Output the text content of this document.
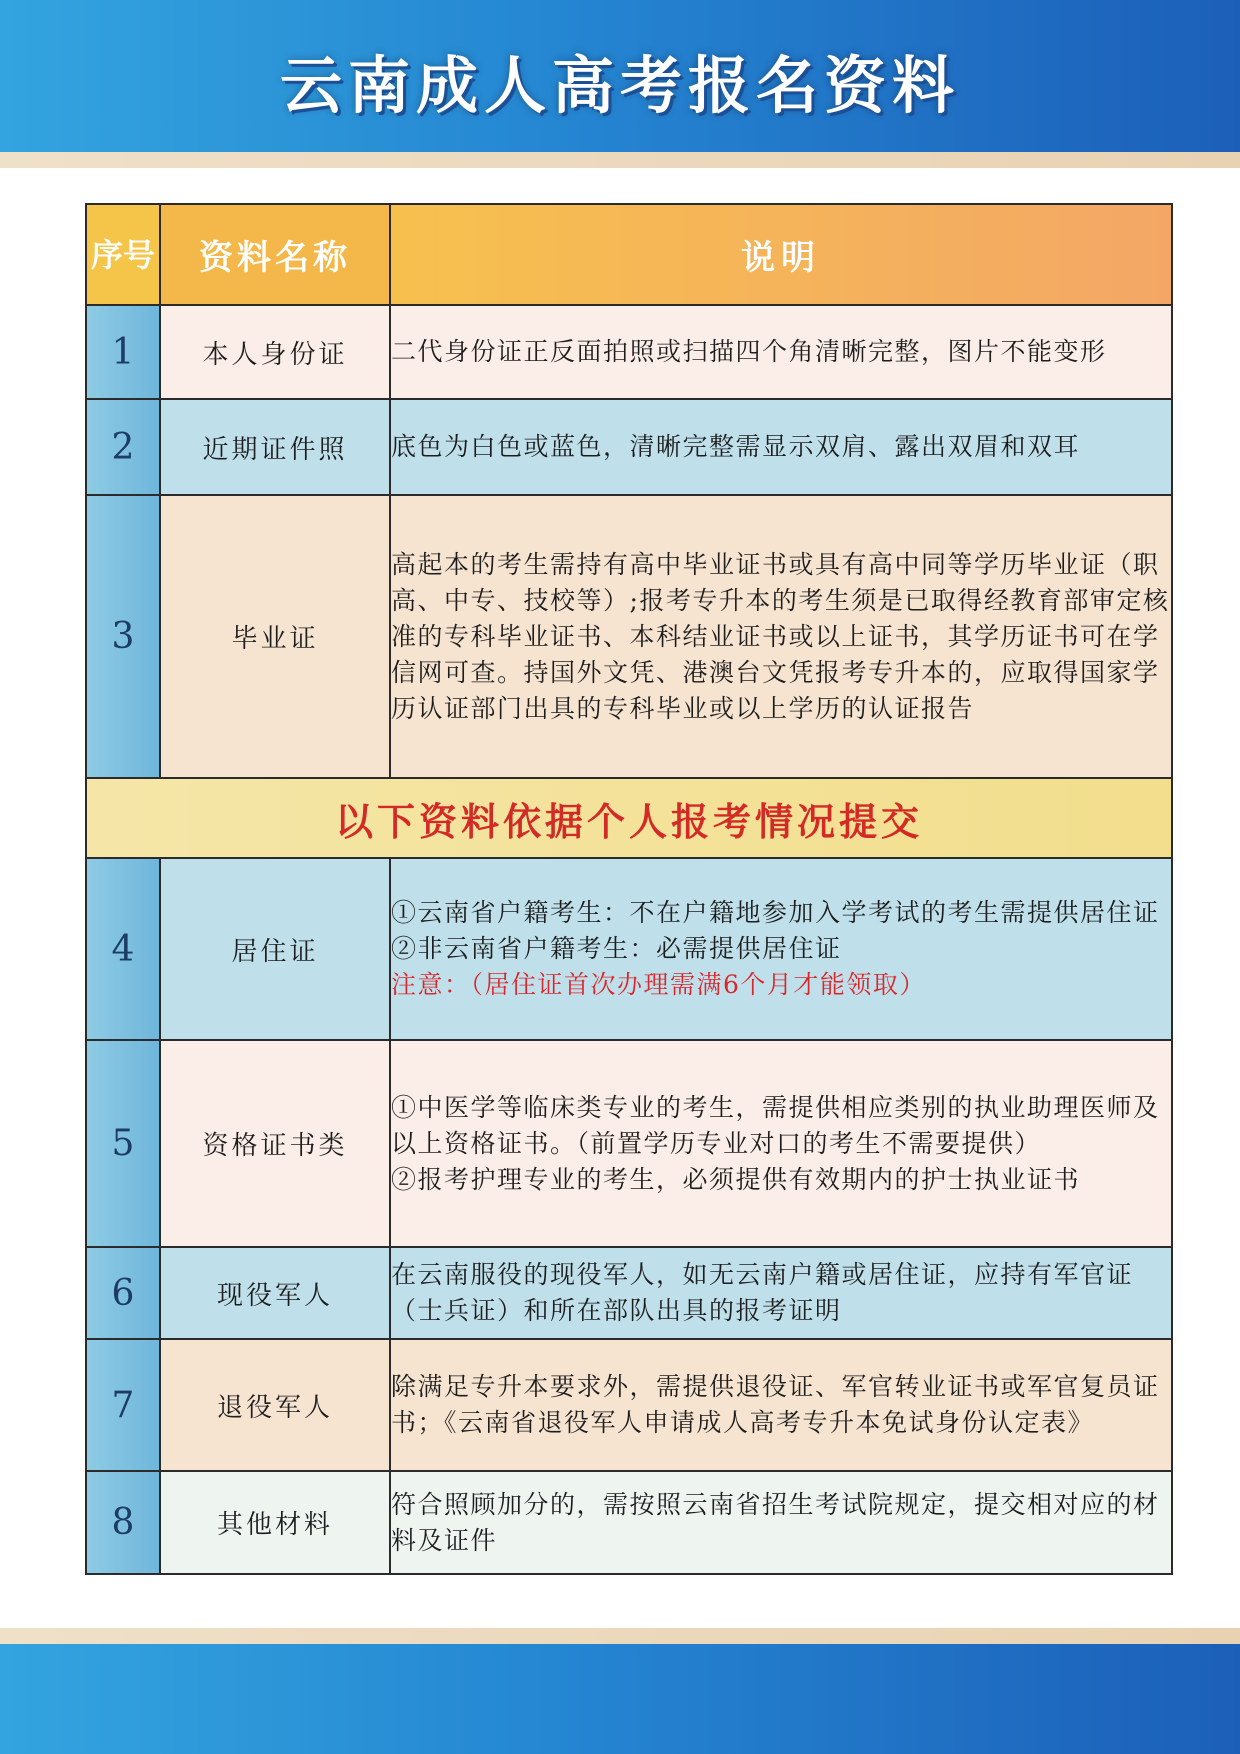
云南成人高考报名资料
序号	资料名称	说明
1	本人身份证	二代身份证正反面拍照或扫描四个角清晰完整，图片不能变形

2	近期证件照	底色为白色或蓝色，清晰完整需显示双肩、露出双眉和双耳

3	毕业证	高起本的考生需持有高中毕业证书或具有高中同等学历毕业证（职高、中专、技校等）;报考专升本的考生须是已取得经教育部审定核准的专科毕业证书、本科结业证书或以上证书，其学历证书可在学信网可查。持国外文凭、港澳台文凭报考专升本的，应取得国家学历认证部门出具的专科毕业或以上学历的认证报告

以下资料依据个人报考情况提交		
4	居住证	①云南省户籍考生：不在户籍地参加入学考试的考生需提供居住证

②非云南省户籍考生：必需提供居住证

注意：（居住证首次办理需满6个月才能领取）

5	资格证书类	①中医学等临床类专业的考生，需提供相应类别的执业助理医师及以上资格证书。（前置学历专业对口的考生不需要提供）

②报考护理专业的考生，必须提供有效期内的护士执业证书

6	现役军人	在云南服役的现役军人，如无云南户籍或居住证，应持有军官证（士兵证）和所在部队出具的报考证明

7	退役军人	除满足专升本要求外，需提供退役证、军官转业证书或军官复员证书；《云南省退役军人申请成人高考专升本免试身份认定表》

8	其他材料	符合照顾加分的，需按照云南省招生考试院规定，提交相对应的材料及证件
